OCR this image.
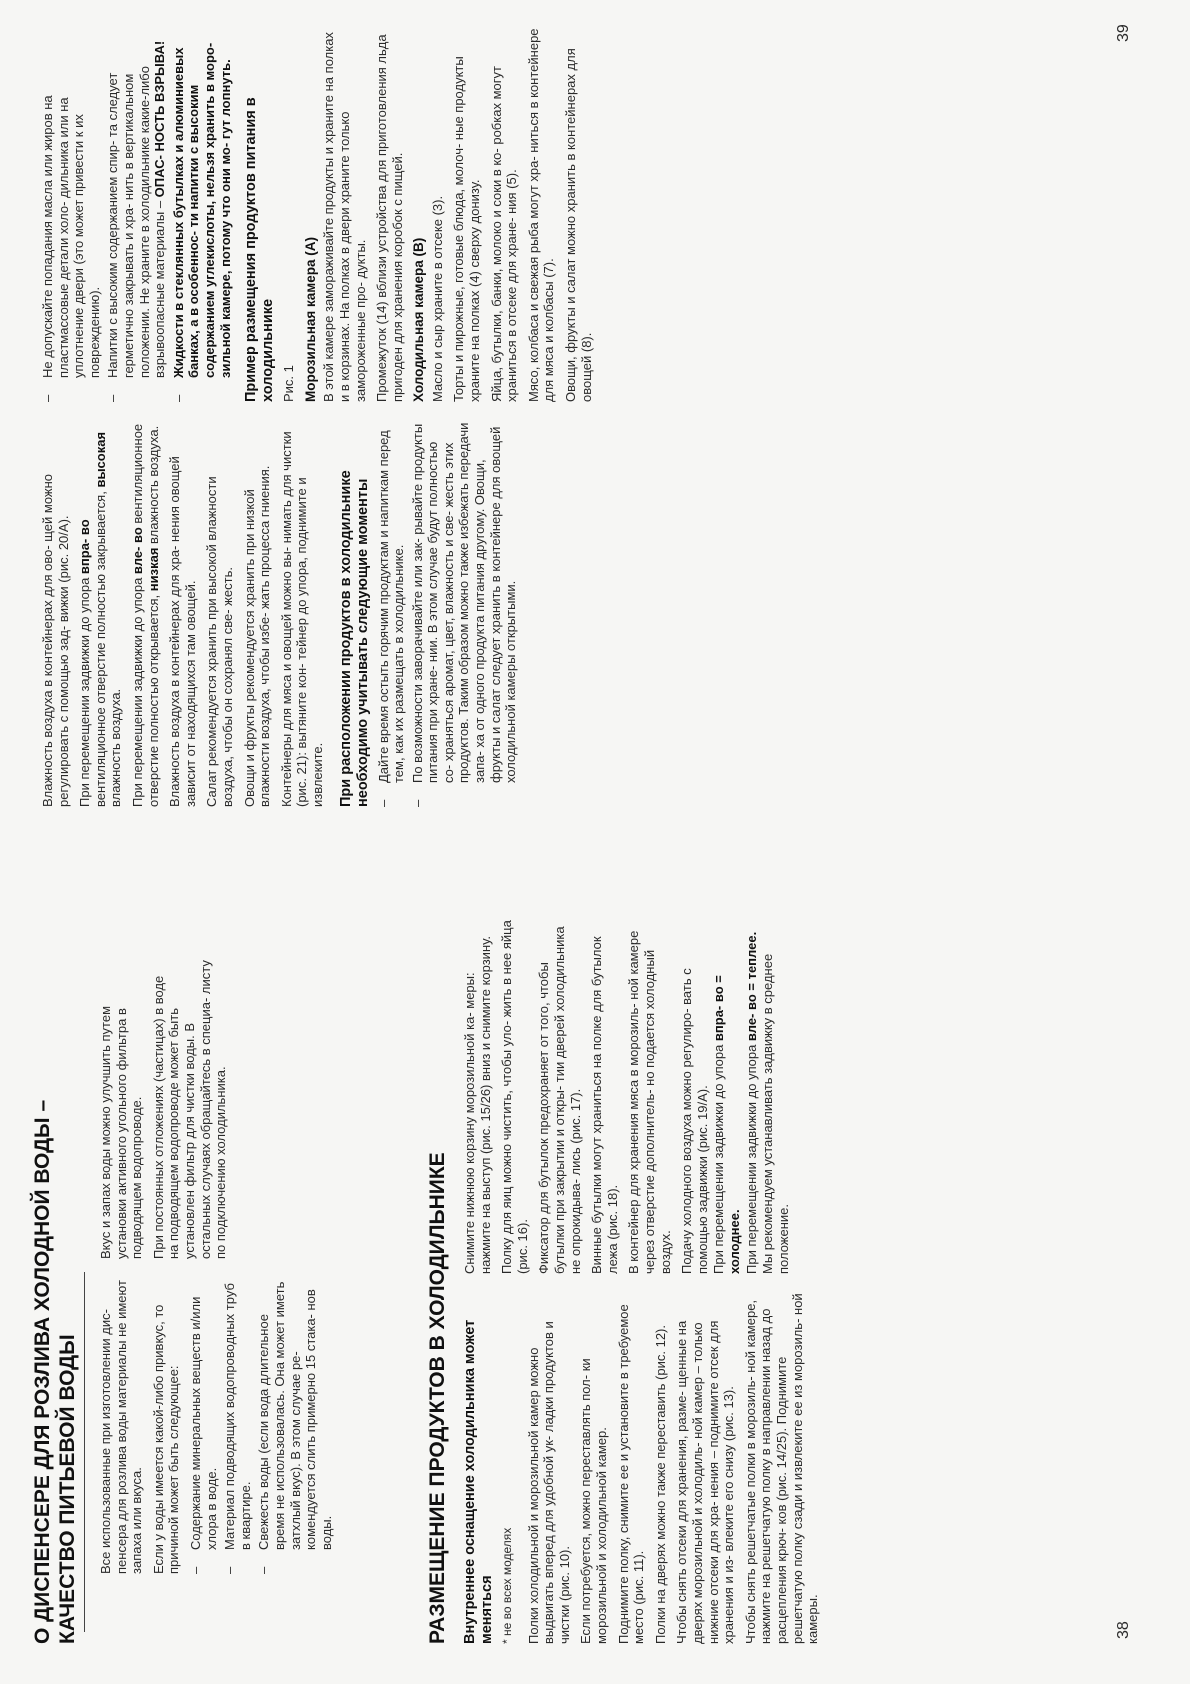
О ДИСПЕНСЕРЕ ДЛЯ РОЗЛИВА ХОЛОДНОЙ ВОДЫ – КАЧЕСТВО ПИТЬЕВОЙ ВОДЫ Все использованные при изготовлении дис- пенсера для розлива воды материалы не имеют запаха или вкуса. Если у воды имеется какой-либо привкус, то причиной может быть следующее: – Содержание минеральных веществ и/или хлора в воде. – Материал подводящих водопроводных труб в квартире. – Свежесть воды (если вода длительное время не использовалась. Она может иметь затхлый вкус). В этом случае ре- комендуется слить примерно 15 стака- нов воды.

Вкус и запах воды можно улучшить путем установки активного угольного фильтра в подводящем водопроводе. При постоянных отложениях (частицах) в воде на подводящем водопроводе может быть установлен фильтр для чистки воды. В остальных случаях обращайтесь в специа- листу по подключению холодильника.	РАЗМЕЩЕНИЕ ПРОДУКТОВ В ХОЛОДИЛЬНИКЕ Внутреннее оснащение холодильника может меняться * не во всех моделях Полки холодильной и морозильной камер можно выдвигать вперед для удобной ук- ладки продуктов и чистки (рис. 10). Если потребуется, можно переставлять пол- ки морозильной и холодильной камер. Поднимите полку, снимите ее и установите в требуемое место (рис. 11). Полки на дверях можно также переставить (рис. 12). Чтобы снять отсеки для хранения, разме- щенные на дверях морозильной и холодиль- ной камер – только нижние отсеки для хра- нения – поднимите отсек для хранения и из- влеките его снизу (рис. 13). Чтобы снять решетчатые полки в морозиль- ной камере, нажмите на решетчатую полку в направлении назад до расцепления крюч- ков (рис. 14/25). Поднимите решетчатую полку сзади и извлеките ее из морозиль- ной камеры.

Снимите нижнюю корзину морозильной ка- меры: нажмите на выступ (рис. 15/26) вниз и снимите корзину. Полку для яиц можно чистить, чтобы уло- жить в нее яйца (рис. 16). Фиксатор для бутылок предохраняет от того, чтобы бутылки при закрытии и откры- тии дверей холодильника не опрокидыва- лись (рис. 17). Винные бутылки могут храниться на полке для бутылок лежа (рис. 18). В контейнер для хранения мяса в морозиль- ной камере через отверстие дополнитель- но подается холодный воздух. Подачу холодного воздуха можно регулиро- вать с помощью задвижки (рис. 19/А). При перемещении задвижки до упора впра- во = холоднее. При перемещении задвижки до упора вле- во = теплее. Мы рекомендуем устанавливать задвижку в среднее положение.

38

Влажность воздуха в контейнерах для ово- щей можно регулировать с помощью зад- вижки (рис. 20/А). При перемещении задвижки до упора впра- во вентиляционное отверстие полностью закрывается, высокая влажность воздуха. При перемещении задвижки до упора вле- во вентиляционное отверстие полностью открывается, низкая влажность воздуха. Влажность воздуха в контейнерах для хра- нения овощей зависит от находящихся там овощей. Салат рекомендуется хранить при высокой влажности воздуха, чтобы он сохранял све- жесть. Овощи и фрукты рекомендуется хранить при низкой влажности воздуха, чтобы избе- жать процесса гниения. Контейнеры для мяса и овощей можно вы- нимать для чистки (рис. 21): вытяните кон- тейнер до упора, поднимите и извлеките. При расположении продуктов в холодильнике необходимо учитывать следующие моменты – Дайте время остыть горячим продуктам и напиткам перед тем, как их размещать в холодильнике. – По возможности заворачивайте или зак- рывайте продукты питания при хране- нии. В этом случае будут полностью со- храняться аромат, цвет, влажность и све- жесть этих продуктов. Таким образом можно также избежать передачи запа- ха от одного продукта питания другому. Овощи, фрукты и салат следует хранить в контейнере для овощей холодильной камеры открытыми.
– Не допускайте попадания масла или жиров на пластмассовые детали холо- дильника или на уплотнение двери (это может привести к их повреждению). – Напитки с высоким содержанием спир- та следует герметично закрывать и хра- нить в вертикальном положении. Не храните в холодильнике какие-либо взрывоопасные материалы – ОПАС- НОСТЬ ВЗРЫВА! – Жидкости в стеклянных бутылках и алюминиевых банках, а в особеннос- ти напитки с высоким содержанием углекислоты, нельзя хранить в моро- зильной камере, потому что они мо- гут лопнуть. Пример размещения продуктов питания в холодильнике Рис. 1 Морозильная камера (А) В этой камере замораживайте продукты и храните на полках и в корзинах. На полках в двери храните только замороженные про- дукты. Промежуток (14) вблизи устройства для приготовления льда пригоден для хранения коробок с пищей. Холодильная камера (В) Масло и сыр храните в отсеке (3). Торты и пирожные, готовые блюда, молоч- ные продукты храните на полках (4) сверху донизу. Яйца, бутылки, банки, молоко и соки в ко- робках могут храниться в отсеке для хране- ния (5). Мясо, колбаса и свежая рыба могут хра- ниться в контейнере для мяса и колбасы (7). Овощи, фрукты и салат можно хранить в контейнерах для овощей (8).

39
